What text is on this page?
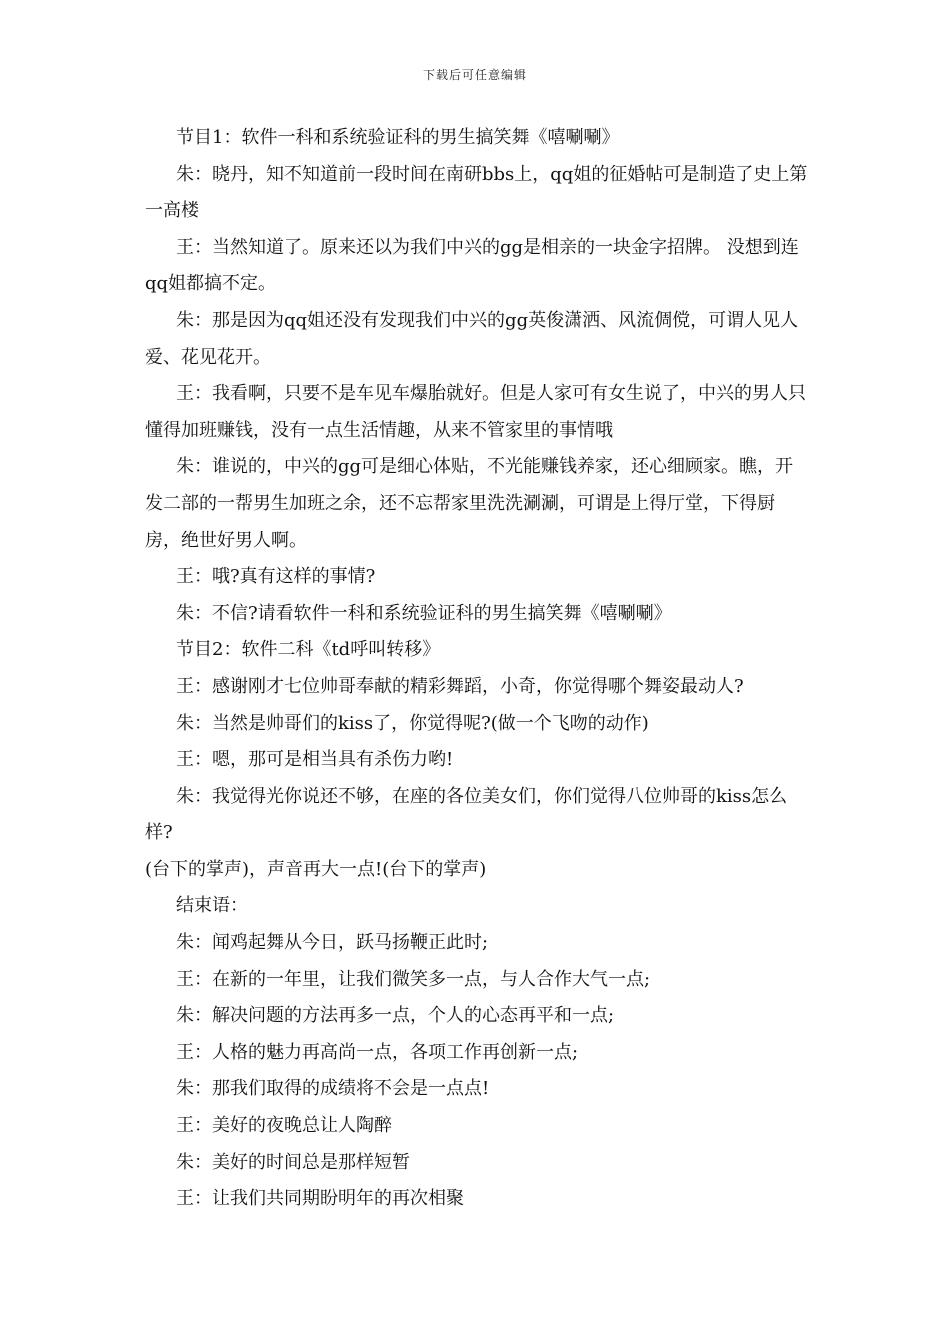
下载后可任意编辑

节目1：软件一科和系统验证科的男生搞笑舞《嘻唰唰》

朱：晓丹，知不知道前一段时间在南研bbs上，qq姐的征婚帖可是制造了史上第一高楼

王：当然知道了。原来还以为我们中兴的gg是相亲的一块金字招牌。 没想到连qq姐都搞不定。

朱：那是因为qq姐还没有发现我们中兴的gg英俊潇洒、风流倜傥，可谓人见人爱、花见花开。

王：我看啊，只要不是车见车爆胎就好。但是人家可有女生说了，中兴的男人只懂得加班赚钱，没有一点生活情趣，从来不管家里的事情哦

朱：谁说的，中兴的gg可是细心体贴，不光能赚钱养家，还心细顾家。瞧，开发二部的一帮男生加班之余，还不忘帮家里洗洗涮涮，可谓是上得厅堂，下得厨房，绝世好男人啊。

王：哦?真有这样的事情?

朱：不信?请看软件一科和系统验证科的男生搞笑舞《嘻唰唰》

节目2：软件二科《td呼叫转移》

王：感谢刚才七位帅哥奉献的精彩舞蹈，小奇，你觉得哪个舞姿最动人?

朱：当然是帅哥们的kiss了，你觉得呢?(做一个飞吻的动作)

王：嗯，那可是相当具有杀伤力哟!

朱：我觉得光你说还不够，在座的各位美女们，你们觉得八位帅哥的kiss怎么样?

(台下的掌声)，声音再大一点!(台下的掌声)

结束语：

朱：闻鸡起舞从今日，跃马扬鞭正此时;

王：在新的一年里，让我们微笑多一点，与人合作大气一点;

朱：解决问题的方法再多一点，个人的心态再平和一点;

王：人格的魅力再高尚一点，各项工作再创新一点;

朱：那我们取得的成绩将不会是一点点!

王：美好的夜晚总让人陶醉

朱：美好的时间总是那样短暂

王：让我们共同期盼明年的再次相聚
